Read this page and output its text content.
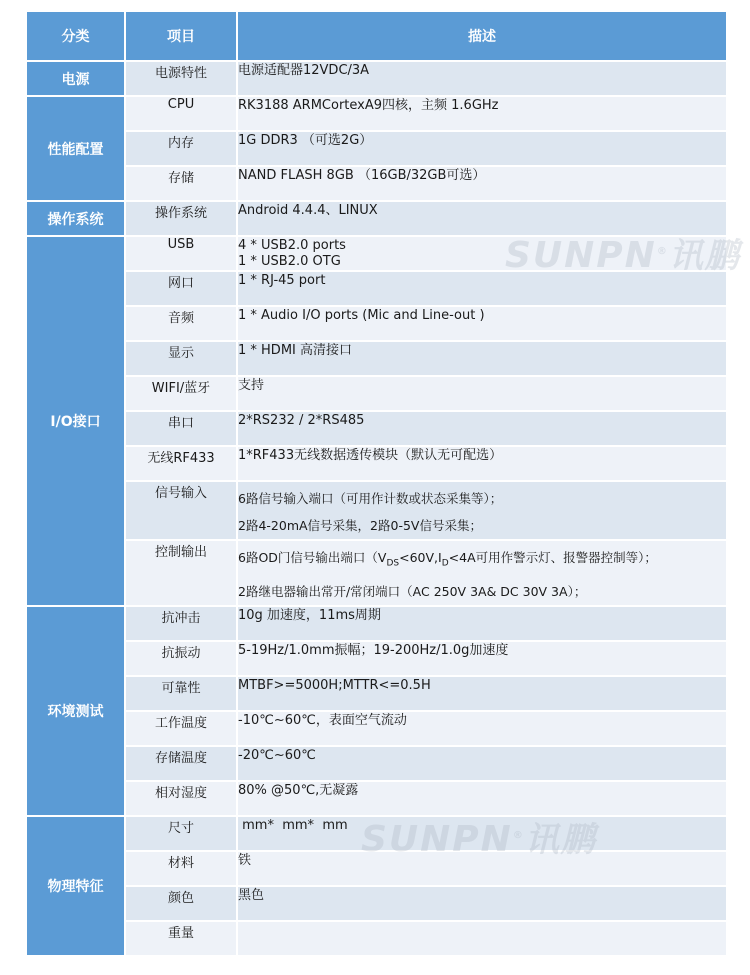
分类	项目	描述
电源	电源特性	电源适配器12VDC/3A
性能配置	CPU	RK3188 ARMCortexA9四核，主频 1.6GHz
	内存	1G DDR3 （可选2G）
	存储	NAND FLASH 8GB （16GB/32GB可选）
操作系统	操作系统	Android 4.4.4、LINUX
I/O接口	USB	4 * USB2.0 ports
1 * USB2.0 OTG
	网口	1 * RJ-45 port
	音频	1 * Audio I/O ports (Mic and Line-out )
	显示	1 * HDMI 高清接口
	WIFI/蓝牙	支持
	串口	2*RS232 / 2*RS485
	无线RF433	1*RF433无线数据透传模块（默认无可配选）
	信号输入	6路信号输入端口（可用作计数或状态采集等）；
2路4-20mA信号采集，2路0-5V信号采集；
	控制输出	6路OD门信号输出端口（$V_{DS}<60V,I_D<4A$可用作警示灯、报警器控制等）；
2路继电器输出常开/常闭端口（AC 250V 3A& DC 30V 3A）；
环境测试	抗冲击	10g 加速度，11ms周期
	抗振动	5-19Hz/1.0mm振幅；19-200Hz/1.0g加速度
	可靠性	MTBF>=5000H;MTTR<=0.5H
	工作温度	-10℃~60℃，表面空气流动
	存储温度	-20℃~60℃
	相对湿度	80% @50℃,无凝露
物理特征	尺寸	mm*  mm*  mm
	材料	铁
	颜色	黑色
	重量	
SUNPN®讯鹏
SUNPN®讯鹏
